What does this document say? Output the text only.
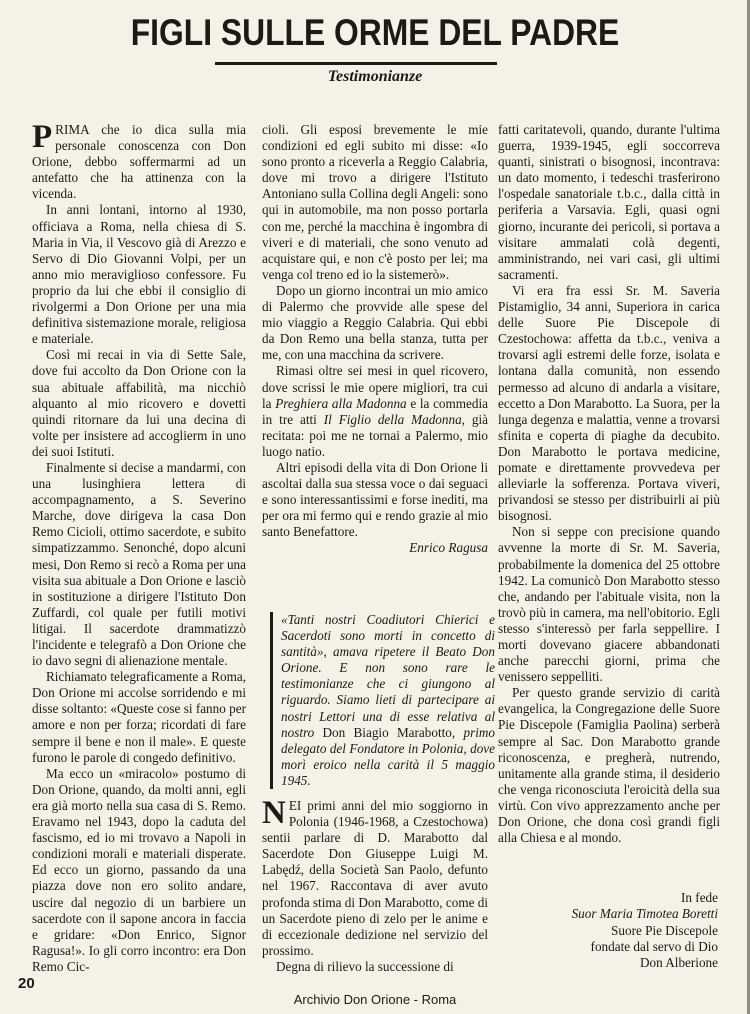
FIGLI SULLE ORME DEL PADRE
Testimonianze

PRIMA che io dica sulla mia personale conoscenza con Don Orione, debbo soffermarmi ad un antefatto che ha attinenza con la vicenda.

In anni lontani, intorno al 1930, officiava a Roma, nella chiesa di S. Maria in Via, il Vescovo già di Arezzo e Servo di Dio Giovanni Volpi, per un anno mio meraviglioso confessore. Fu proprio da lui che ebbi il consiglio di rivolgermi a Don Orione per una mia definitiva sistemazione morale, religiosa e materiale.

Così mi recai in via di Sette Sale, dove fui accolto da Don Orione con la sua abituale affabilità, ma nicchiò alquanto al mio ricovero e dovetti quindi ritornare da lui una decina di volte per insistere ad accoglierm in uno dei suoi Istituti.

Finalmente si decise a mandarmi, con una lusinghiera lettera di accompagnamento, a S. Severino Marche, dove dirigeva la casa Don Remo Cicioli, ottimo sacerdote, e subito simpatizzammo. Senonché, dopo alcuni mesi, Don Remo si recò a Roma per una visita sua abituale a Don Orione e lasciò in sostituzione a dirigere l'Istituto Don Zuffardi, col quale per futili motivi litigai. Il sacerdote drammatizzò l'incidente e telegrafò a Don Orione che io davo segni di alienazione mentale.

Richiamato telegraficamente a Roma, Don Orione mi accolse sorridendo e mi disse soltanto: «Queste cose si fanno per amore e non per forza; ricordati di fare sempre il bene e non il male». E queste furono le parole di congedo definitivo.

Ma ecco un «miracolo» postumo di Don Orione, quando, da molti anni, egli era già morto nella sua casa di S. Remo. Eravamo nel 1943, dopo la caduta del fascismo, ed io mi trovavo a Napoli in condizioni morali e materiali disperate. Ed ecco un giorno, passando da una piazza dove non ero solito andare, uscire dal negozio di un barbiere un sacerdote con il sapone ancora in faccia e gridare: «Don Enrico, Signor Ragusa!». Io gli corro incontro: era Don Remo Cic-

cioli. Gli esposi brevemente le mie condizioni ed egli subito mi disse: «Io sono pronto a riceverla a Reggio Calabria, dove mi trovo a dirigere l'Istituto Antoniano sulla Collina degli Angeli: sono qui in automobile, ma non posso portarla con me, perché la macchina è ingombra di viveri e di materiali, che sono venuto ad acquistare qui, e non c'è posto per lei; ma venga col treno ed io la sistemerò».

Dopo un giorno incontrai un mio amico di Palermo che provvide alle spese del mio viaggio a Reggio Calabria. Qui ebbi da Don Remo una bella stanza, tutta per me, con una macchina da scrivere.

Rimasi oltre sei mesi in quel ricovero, dove scrissi le mie opere migliori, tra cui la Preghiera alla Madonna e la commedia in tre atti Il Figlio della Madonna, già recitata: poi me ne tornai a Palermo, mio luogo natio.

Altri episodi della vita di Don Orione li ascoltai dalla sua stessa voce o dai seguaci e sono interessantissimi e forse inediti, ma per ora mi fermo qui e rendo grazie al mio santo Benefattore.

Enrico Ragusa
«Tanti nostri Coadiutori Chierici e Sacerdoti sono morti in concetto di santità», amava ripetere il Beato Don Orione. E non sono rare le testimonianze che ci giungono al riguardo. Siamo lieti di partecipare ai nostri Lettori una di esse relativa al nostro Don Biagio Marabotto, primo delegato del Fondatore in Polonia, dove morì eroico nella carità il 5 maggio 1945.

NEI primi anni del mio soggiorno in Polonia (1946-1968, a Czestochowa) sentii parlare di D. Marabotto dal Sacerdote Don Giuseppe Luigi M. Labędź, della Società San Paolo, defunto nel 1967. Raccontava di aver avuto profonda stima di Don Marabotto, come di un Sacerdote pieno di zelo per le anime e di eccezionale dedizione nel servizio del prossimo.

Degna di rilievo la successione di

fatti caritatevoli, quando, durante l'ultima guerra, 1939-1945, egli soccorreva quanti, sinistrati o bisognosi, incontrava: un dato momento, i tedeschi trasferirono l'ospedale sanatoriale t.b.c., dalla città in periferia a Varsavia. Egli, quasi ogni giorno, incurante dei pericoli, si portava a visitare ammalati colà degenti, amministrando, nei vari casi, gli ultimi sacramenti.

Vi era fra essi Sr. M. Saveria Pistamiglio, 34 anni, Superiora in carica delle Suore Pie Discepole di Czestochowa: affetta da t.b.c., veniva a trovarsi agli estremi delle forze, isolata e lontana dalla comunità, non essendo permesso ad alcuno di andarla a visitare, eccetto a Don Marabotto. La Suora, per la lunga degenza e malattia, venne a trovarsi sfinita e coperta di piaghe da decubito. Don Marabotto le portava medicine, pomate e direttamente provvedeva per alleviarle la sofferenza. Portava viveri, privandosi se stesso per distribuirli ai più bisognosi.

Non si seppe con precisione quando avvenne la morte di Sr. M. Saveria, probabilmente la domenica del 25 ottobre 1942. La comunicò Don Marabotto stesso che, andando per l'abituale visita, non la trovò più in camera, ma nell'obitorio. Egli stesso s'interessò per farla seppellire. I morti dovevano giacere abbandonati anche parecchi giorni, prima che venissero seppelliti.

Per questo grande servizio di carità evangelica, la Congregazione delle Suore Pie Discepole (Famiglia Paolina) serberà sempre al Sac. Don Marabotto grande riconoscenza, e pregherà, nutrendo, unitamente alla grande stima, il desiderio che venga riconosciuta l'eroicità della sua virtù. Con vivo apprezzamento anche per Don Orione, che dona così grandi figli alla Chiesa e al mondo.

In fede
Suor Maria Timotea Boretti
Suore Pie Discepole
fondate dal servo di Dio
Don Alberione
20
Archivio Don Orione - Roma
